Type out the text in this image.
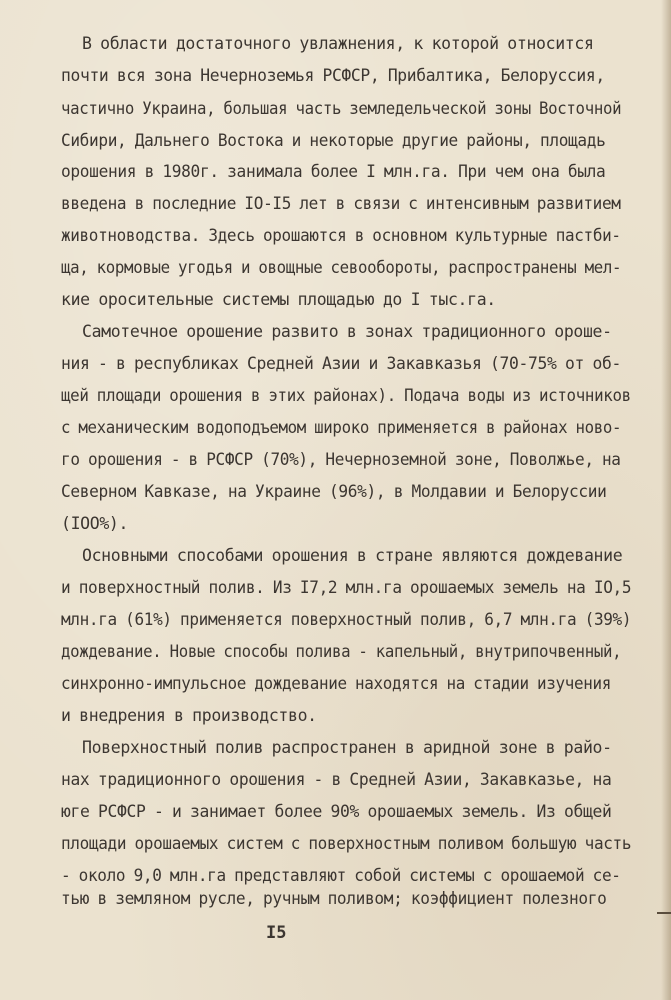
В области достаточного увлажнения, к которой относится
почти вся зона Нечерноземья РСФСР, Прибалтика, Белоруссия,
частично Украина, большая часть земледельческой зоны Восточной
Сибири, Дальнего Востока и некоторые другие районы, площадь
орошения в 1980г. занимала более I млн.га. При чем она была
введена в последние IO-I5 лет в связи с интенсивным развитием
животноводства. Здесь орошаются в основном культурные пастби-
ща, кормовые угодья и овощные севообороты, распространены мел-
кие оросительные системы площадью до I тыс.га.
Самотечное орошение развито в зонах традиционного ороше-
ния - в республиках Средней Азии и Закавказья (70-75% от об-
щей площади орошения в этих районах). Подача воды из источников
с механическим водоподъемом широко применяется в районах ново-
го орошения - в РСФСР (70%), Нечерноземной зоне, Поволжье, на
Северном Кавказе, на Украине (96%), в Молдавии и Белоруссии
(IOO%).
Основными способами орошения в стране являются дождевание
и поверхностный полив. Из I7,2 млн.га орошаемых земель на IO,5
млн.га (61%) применяется поверхностный полив, 6,7 млн.га (39%)
дождевание. Новые способы полива - капельный, внутрипочвенный,
синхронно-импульсное дождевание находятся на стадии изучения
и внедрения в производство.
Поверхностный полив распространен в аридной зоне в райо-
нах традиционного орошения - в Средней Азии, Закавказье, на
юге РСФСР - и занимает более 90% орошаемых земель. Из общей
площади орошаемых систем с поверхностным поливом большую часть
- около 9,0 млн.га представляют собой системы с орошаемой се-
тью в земляном русле, ручным поливом; коэффициент полезного
I5
